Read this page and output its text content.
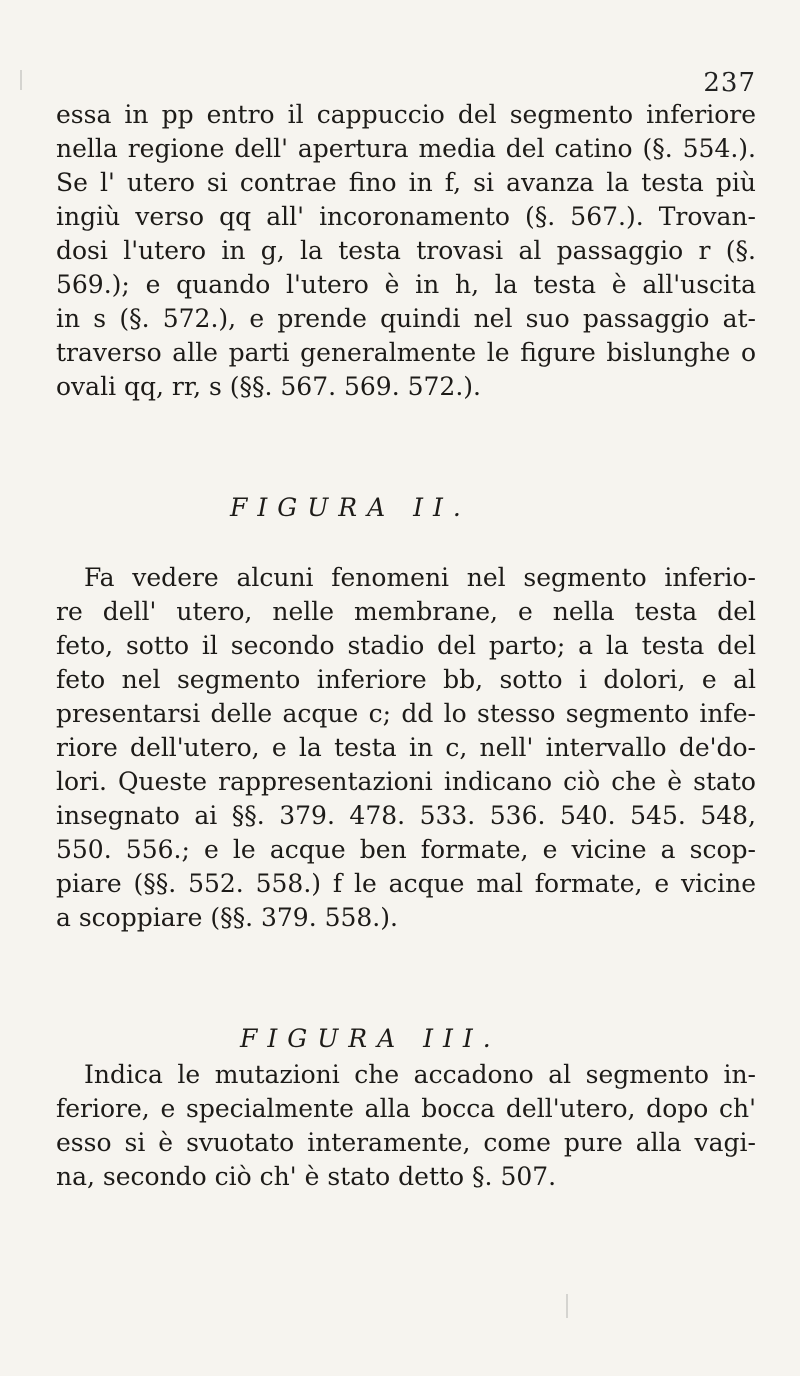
237
essa in pp entro il cappuccio del segmento inferiore
nella regione dell' apertura media del catino (§. 554.).
Se l' utero si contrae fino in f, si avanza la testa più
ingiù verso qq all' incoronamento (§. 567.). Trovan-
dosi l'utero in g, la testa trovasi al passaggio r (§.
569.); e quando l'utero è in h, la testa è all'uscita
in s (§. 572.), e prende quindi nel suo passaggio at-
traverso alle parti generalmente le figure bislunghe o
ovali qq, rr, s (§§. 567. 569. 572.).
FIGURA II.
Fa vedere alcuni fenomeni nel segmento inferio-
re dell' utero, nelle membrane, e nella testa del
feto, sotto il secondo stadio del parto; a la testa del
feto nel segmento inferiore bb, sotto i dolori, e al
presentarsi delle acque c; dd lo stesso segmento infe-
riore dell'utero, e la testa in c, nell' intervallo de'do-
lori. Queste rappresentazioni indicano ciò che è stato
insegnato ai §§. 379. 478. 533. 536. 540. 545. 548,
550. 556.; e le acque ben formate, e vicine a scop-
piare (§§. 552. 558.) f le acque mal formate, e vicine
a scoppiare (§§. 379. 558.).
FIGURA III.
Indica le mutazioni che accadono al segmento in-
feriore, e specialmente alla bocca dell'utero, dopo ch'
esso si è svuotato interamente, come pure alla vagi-
na, secondo ciò ch' è stato detto §. 507.
